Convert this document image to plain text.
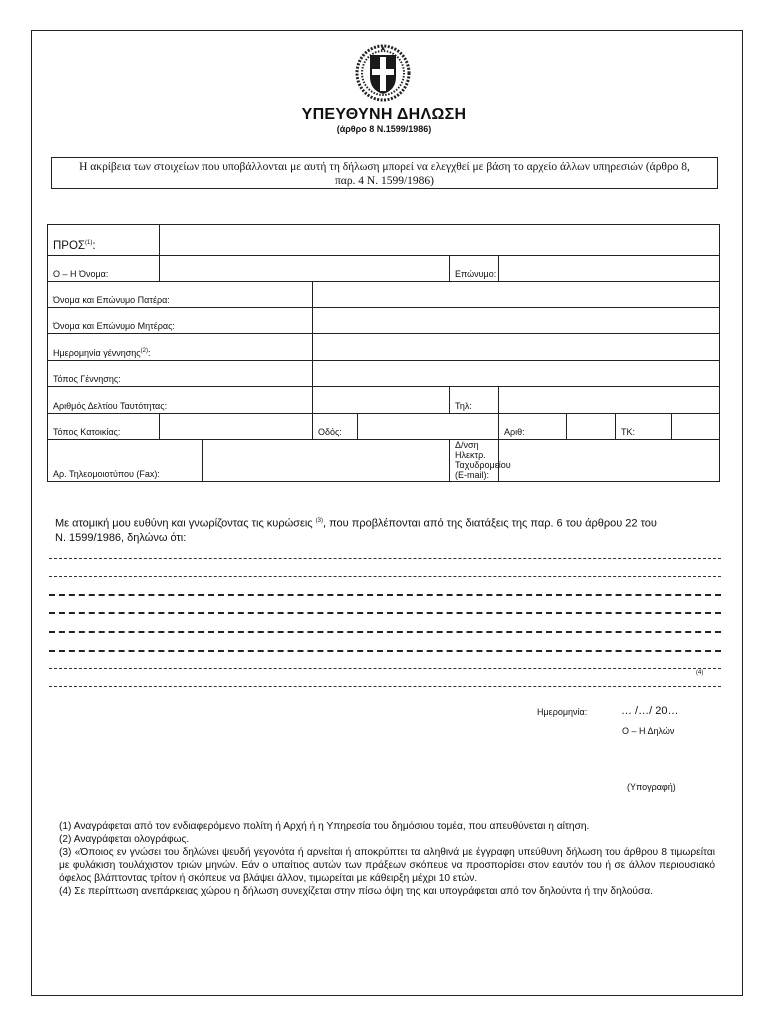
ΥΠΕΥΘΥΝΗ ΔΗΛΩΣΗ
(άρθρο 8 Ν.1599/1986)
Η ακρίβεια των στοιχείων που υποβάλλονται με αυτή τη δήλωση μπορεί να ελεγχθεί με βάση το αρχείο άλλων υπηρεσιών (άρθρο 8,
παρ. 4 Ν. 1599/1986)
ΠΡΟΣ$^{(1)}$:									
Ο – Η Όνομα:					Επώνυμο:				
Όνομα και Επώνυμο Πατέρα:									
Όνομα και Επώνυμο Μητέρας:									
Ημερομηνία γέννησης$^{(2)}$:									
Τόπος Γέννησης:									
Αριθμός Δελτίου Ταυτότητας:					Τηλ:				
Τόπος Κατοικίας:			Οδός:			Αριθ:		ΤΚ:	
Αρ. Τηλεομοιοτύπου (Fax):					Δ/νση Ηλεκτρ.
Ταχυδρομείου
(E-mail):				

Με ατομική μου ευθύνη και γνωρίζοντας τις κυρώσεις $^{(3)}$, που προβλέπονται από της διατάξεις της παρ. 6 του άρθρου 22 του
Ν. 1599/1986, δηλώνω ότι:
(4)
Ημερομηνία:	… /…/ 20…
Ο – Η Δηλών
(Υπογραφή)

(1) Αναγράφεται από τον ενδιαφερόμενο πολίτη ή Αρχή ή η Υπηρεσία του δημόσιου τομέα, που απευθύνεται η αίτηση.

(2) Αναγράφεται ολογράφως.

(3) «Όποιος εν γνώσει του δηλώνει ψευδή γεγονότα ή αρνείται ή αποκρύπτει τα αληθινά με έγγραφη υπεύθυνη δήλωση του άρθρου 8 τιμωρείται με φυλάκιση τουλάχιστον τριών μηνών. Εάν ο υπαίτιος αυτών των πράξεων σκόπευε να προσπορίσει στον εαυτόν του ή σε άλλον περιουσιακό όφελος βλάπτοντας τρίτον ή σκόπευε να βλάψει άλλον, τιμωρείται με κάθειρξη μέχρι 10 ετών.

(4) Σε περίπτωση ανεπάρκειας χώρου η δήλωση συνεχίζεται στην πίσω όψη της και υπογράφεται από τον δηλούντα ή την δηλούσα.
